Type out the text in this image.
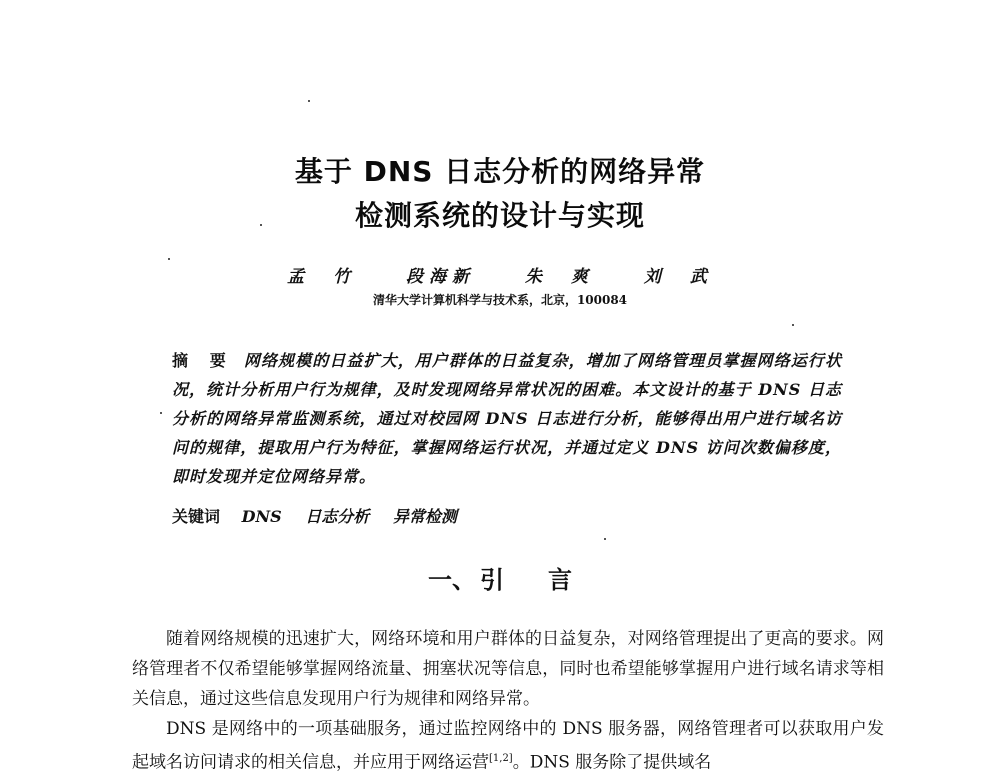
基于 DNS 日志分析的网络异常
检测系统的设计与实现
孟　竹	段海新	朱　爽	刘　武
清华大学计算机科学与技术系，北京，100084
摘 要 网络规模的日益扩大，用户群体的日益复杂，增加了网络管理员掌握网络运行状况，统计分析用户行为规律，及时发现网络异常状况的困难。本文设计的基于 DNS 日志分析的网络异常监测系统，通过对校园网 DNS 日志进行分析，能够得出用户进行域名访问的规律，提取用户行为特征，掌握网络运行状况，并通过定义 DNS 访问次数偏移度，即时发现并定位网络异常。
关键词 DNS 日志分析 异常检测
一、 引 言

随着网络规模的迅速扩大，网络环境和用户群体的日益复杂，对网络管理提出了更高的要求。网络管理者不仅希望能够掌握网络流量、拥塞状况等信息，同时也希望能够掌握用户进行域名请求等相关信息，通过这些信息发现用户行为规律和网络异常。

DNS 是网络中的一项基础服务，通过监控网络中的 DNS 服务器，网络管理者可以获取用户发起域名访问请求的相关信息，并应用于网络运营[1,2]。DNS 服务除了提供域名
